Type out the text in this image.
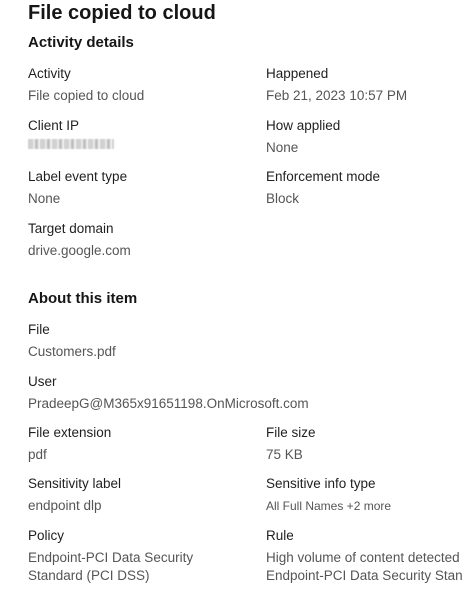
File copied to cloud
Activity details
Activity
File copied to cloud
Happened
Feb 21, 2023 10:57 PM
Client IP	How applied
None
Label event type
None
Enforcement mode
Block
Target domain
drive.google.com
About this item
File
Customers.pdf
User
PradeepG@M365x91651198.OnMicrosoft.com
File extension
pdf
File size
75 KB
Sensitivity label
endpoint dlp
Sensitive info type
All Full Names +2 more
Policy
Endpoint-PCI Data Security Standard (PCI DSS)
Rule
High volume of content detected Endpoint-PCI Data Security Stan
